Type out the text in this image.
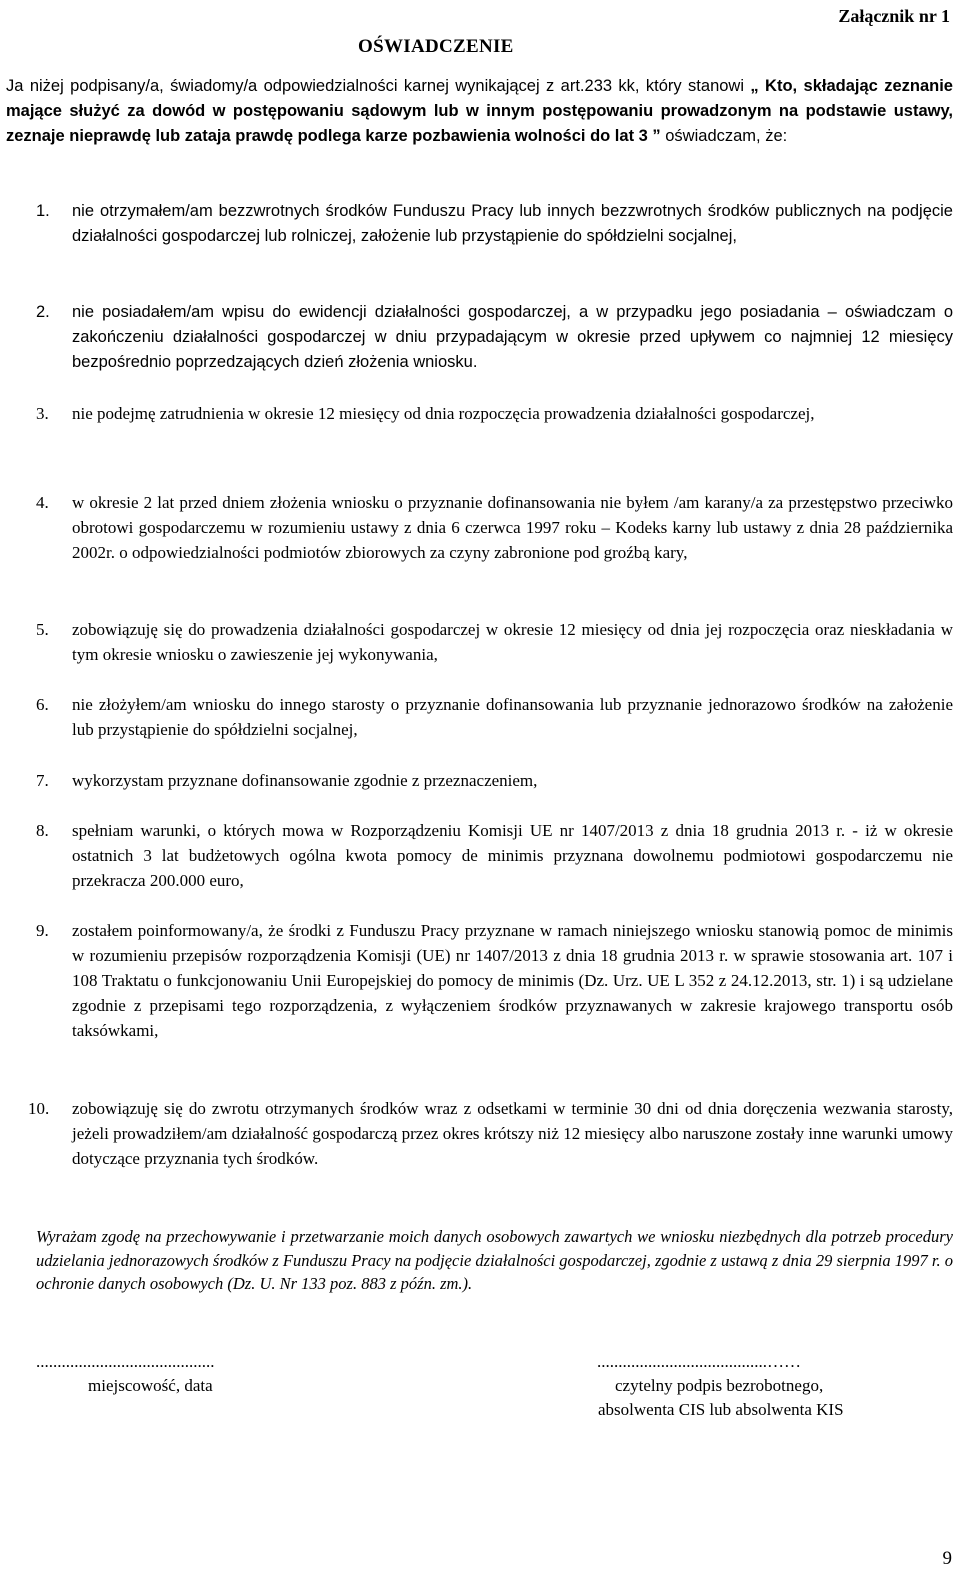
Załącznik nr 1
OŚWIADCZENIE
Ja niżej podpisany/a, świadomy/a odpowiedzialności karnej wynikającej z art.233 kk, który stanowi „ Kto, składając zeznanie mające służyć za dowód w postępowaniu sądowym lub w innym postępowaniu prowadzonym na podstawie ustawy, zeznaje nieprawdę lub zataja prawdę podlega karze pozbawienia wolności do lat 3 ” oświadczam, że:
1. nie otrzymałem/am bezzwrotnych środków Funduszu Pracy lub innych bezzwrotnych środków publicznych na podjęcie działalności gospodarczej lub rolniczej, założenie lub przystąpienie do spółdzielni socjalnej,
2. nie posiadałem/am wpisu do ewidencji działalności gospodarczej, a w przypadku jego posiadania – oświadczam o zakończeniu działalności gospodarczej w dniu przypadającym w okresie przed upływem co najmniej 12 miesięcy bezpośrednio poprzedzających dzień złożenia wniosku.
3. nie podejmę zatrudnienia w okresie 12 miesięcy od dnia rozpoczęcia prowadzenia działalności gospodarczej,
4. w okresie 2 lat przed dniem złożenia wniosku o przyznanie dofinansowania nie byłem /am karany/a za przestępstwo przeciwko obrotowi gospodarczemu w rozumieniu ustawy z dnia 6 czerwca 1997 roku – Kodeks karny lub ustawy z dnia 28 października 2002r. o odpowiedzialności podmiotów zbiorowych za czyny zabronione pod groźbą kary,
5. zobowiązuję się do prowadzenia działalności gospodarczej w okresie 12 miesięcy od dnia jej rozpoczęcia oraz nieskładania w tym okresie wniosku o zawieszenie jej wykonywania,
6. nie złożyłem/am wniosku do innego starosty o przyznanie dofinansowania lub przyznanie jednorazowo środków na założenie lub przystąpienie do spółdzielni socjalnej,
7. wykorzystam przyznane dofinansowanie zgodnie z przeznaczeniem,
8. spełniam warunki, o których mowa w Rozporządzeniu Komisji UE nr 1407/2013 z dnia 18 grudnia 2013 r. - iż w okresie ostatnich 3 lat budżetowych ogólna kwota pomocy de minimis przyznana dowolnemu podmiotowi gospodarczemu nie przekracza 200.000 euro,
9. zostałem poinformowany/a, że środki z Funduszu Pracy przyznane w ramach niniejszego wniosku stanowią pomoc de minimis w rozumieniu przepisów rozporządzenia Komisji (UE) nr 1407/2013 z dnia 18 grudnia 2013 r. w sprawie stosowania art. 107 i 108 Traktatu o funkcjonowaniu Unii Europejskiej do pomocy de minimis (Dz. Urz. UE L 352 z 24.12.2013, str. 1) i są udzielane zgodnie z przepisami tego rozporządzenia, z wyłączeniem środków przyznawanych w zakresie krajowego transportu osób taksówkami,
10. zobowiązuję się do zwrotu otrzymanych środków wraz z odsetkami w terminie 30 dni od dnia doręczenia wezwania starosty, jeżeli prowadziłem/am działalność gospodarczą przez okres krótszy niż 12 miesięcy albo naruszone zostały inne warunki umowy dotyczące przyznania tych środków.
Wyrażam zgodę na przechowywanie i przetwarzanie moich danych osobowych zawartych we wniosku niezbędnych dla potrzeb procedury udzielania jednorazowych środków z Funduszu Pracy na podjęcie działalności gospodarczej, zgodnie z ustawą z dnia 29 sierpnia 1997 r. o ochronie danych osobowych (Dz. U. Nr 133 poz. 883 z późn. zm.).
..........................................	........................................……
miejscowość, data	czytelny podpis bezrobotnego,
absolwenta CIS lub absolwenta KIS
9
